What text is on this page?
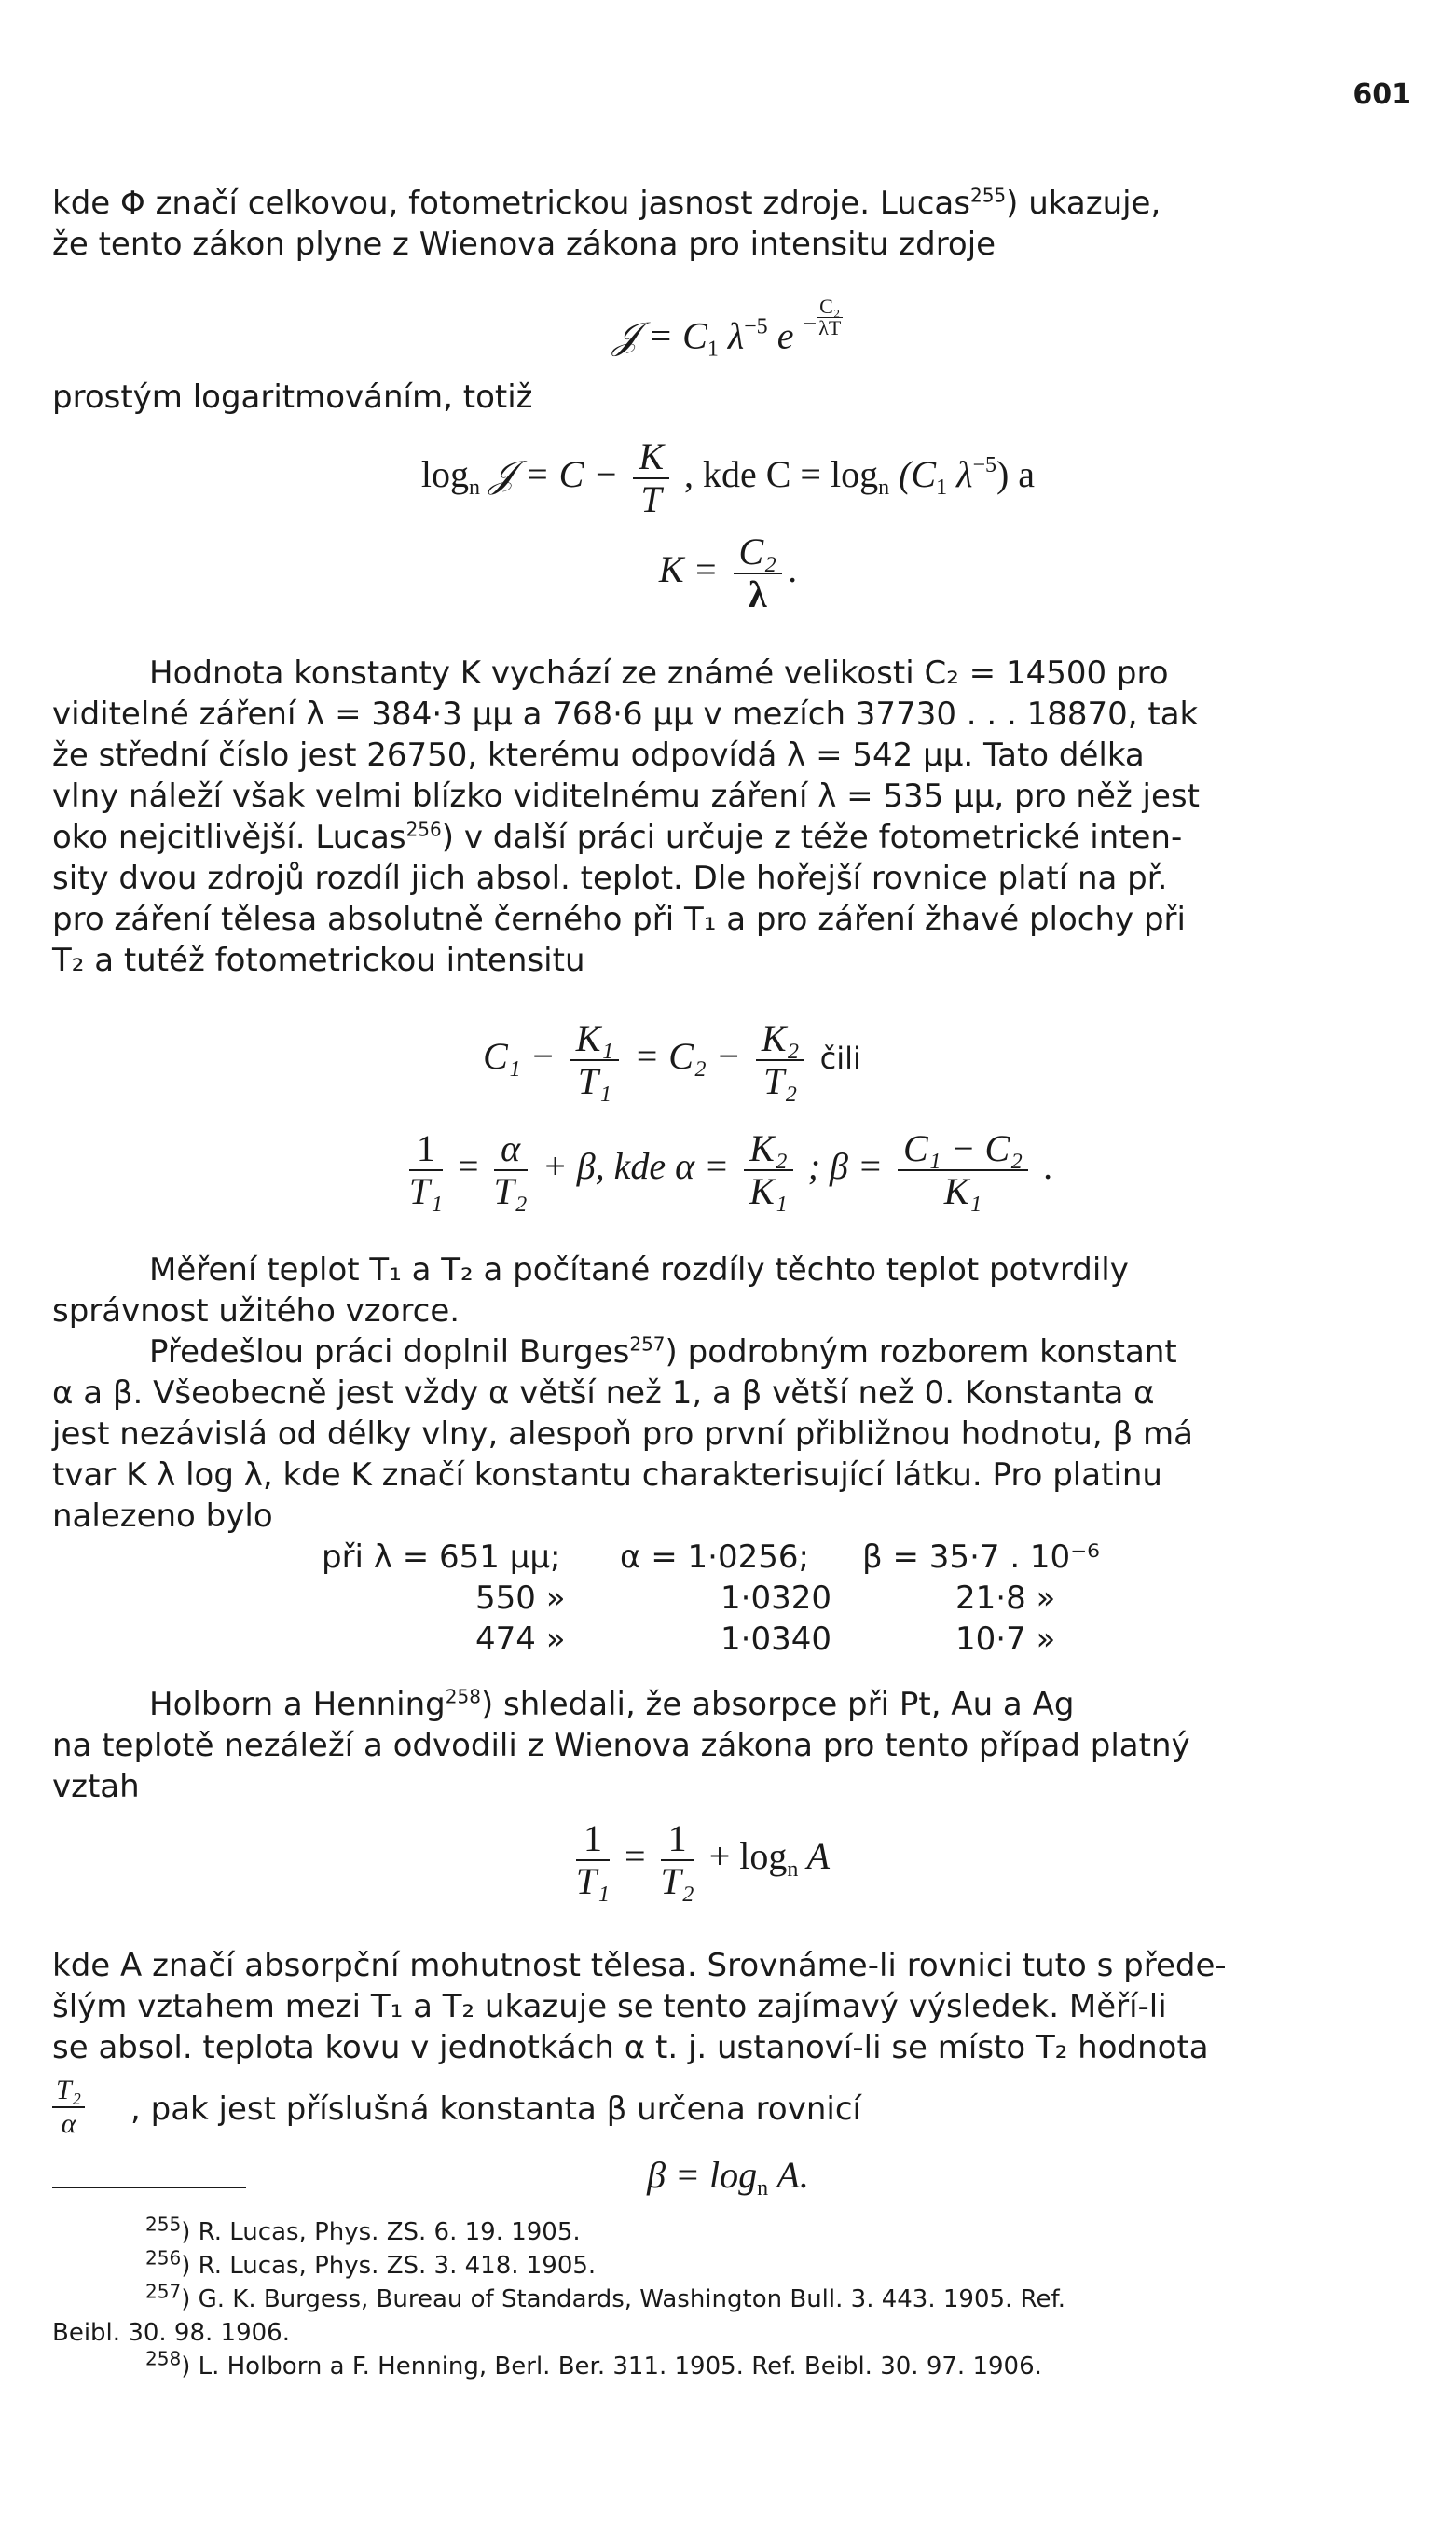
601

kde Φ značí celkovou, fotometrickou jasnost zdroje. Lucas$^{255}$) ukazuje,

že tento zákon plyne z Wienova zákona pro intensitu zdroje

𝒥 = $C_1$ $\lambda^{-5}$ e $^- \frac{\text{C₂}}{\lambda T}$
prostým logaritmováním, totiž
$\log_n$ 𝒥 = $C - \frac{K}{T}$ , kde $C = \log_n (C_1$ $\lambda^{-5}$) a
$K = \frac{\text{C₂}}{\lambda}$ .

Hodnota konstanty K vychází ze známé velikosti C₂ = 14500 pro

viditelné záření λ = 384·3 μμ a 768·6 μμ v mezích 37730 . . . 18870, tak

že střední číslo jest 26750, kterému odpovídá λ = 542 μμ. Tato délka

vlny náleží však velmi blízko viditelnému záření λ = 535 μμ, pro něž jest

oko nejcitlivější. Lucas$^{256}$) v další práci určuje z téže fotometrické inten-

sity dvou zdrojů rozdíl jich absol. teplot. Dle hořejší rovnice platí na př.

pro záření tělesa absolutně černého při T₁ a pro záření žhavé plochy při

T₂ a tutéž fotometrickou intensitu

$C_1 - \frac{\text{K₁}}{\text{T₁}} = C_2 - \frac{\text{K₂}}{\text{T₂}}$ čili
$\frac{1}{\text{T₁}} = \frac{\alpha}{\text{T₂}} + \beta$, kde $\alpha = \frac{\text{K₂}}{\text{K₁}}$ ; $\beta = \frac{\text{C₁ − C₂}}{\text{K₁}}$ .

Měření teplot T₁ a T₂ a počítané rozdíly těchto teplot potvrdily

správnost užitého vzorce.

Předešlou práci doplnil Burges$^{257}$) podrobným rozborem konstant

α a β. Všeobecně jest vždy α větší než 1, a β větší než 0. Konstanta α

jest nezávislá od délky vlny, alespoň pro první přibližnou hodnotu, β má

tvar K λ log λ, kde K značí konstantu charakterisující látku. Pro platinu

nalezeno bylo

při λ = 651 μμ; α = 1·0256; β = 35·7 . 10⁻⁶
550 »	1·0320	21·8 »
474 »	1·0340	10·7 »

Holborn a Henning$^{258}$) shledali, že absorpce při Pt, Au a Ag

na teplotě nezáleží a odvodili z Wienova zákona pro tento případ platný

vztah

$\frac{1}{\text{T₁}} = \frac{1}{\text{T₂}} + \log_n A$

kde A značí absorpční mohutnost tělesa. Srovnáme-li rovnici tuto s přede-

šlým vztahem mezi T₁ a T₂ ukazuje se tento zajímavý výsledek. Měří-li

se absol. teplota kovu v jednotkách α t. j. ustanoví-li se místo T₂ hodnota

$\frac{\text{T₂}}{\alpha}$ , pak jest příslušná konstanta β určena rovnicí
$\beta = \log_n A$.

$^{255}$) R. Lucas, Phys. ZS. 6. 19. 1905.

$^{256}$) R. Lucas, Phys. ZS. 3. 418. 1905.

$^{257}$) G. K. Burgess, Bureau of Standards, Washington Bull. 3. 443. 1905. Ref.

Beibl. 30. 98. 1906.

$^{258}$) L. Holborn a F. Henning, Berl. Ber. 311. 1905. Ref. Beibl. 30. 97. 1906.
